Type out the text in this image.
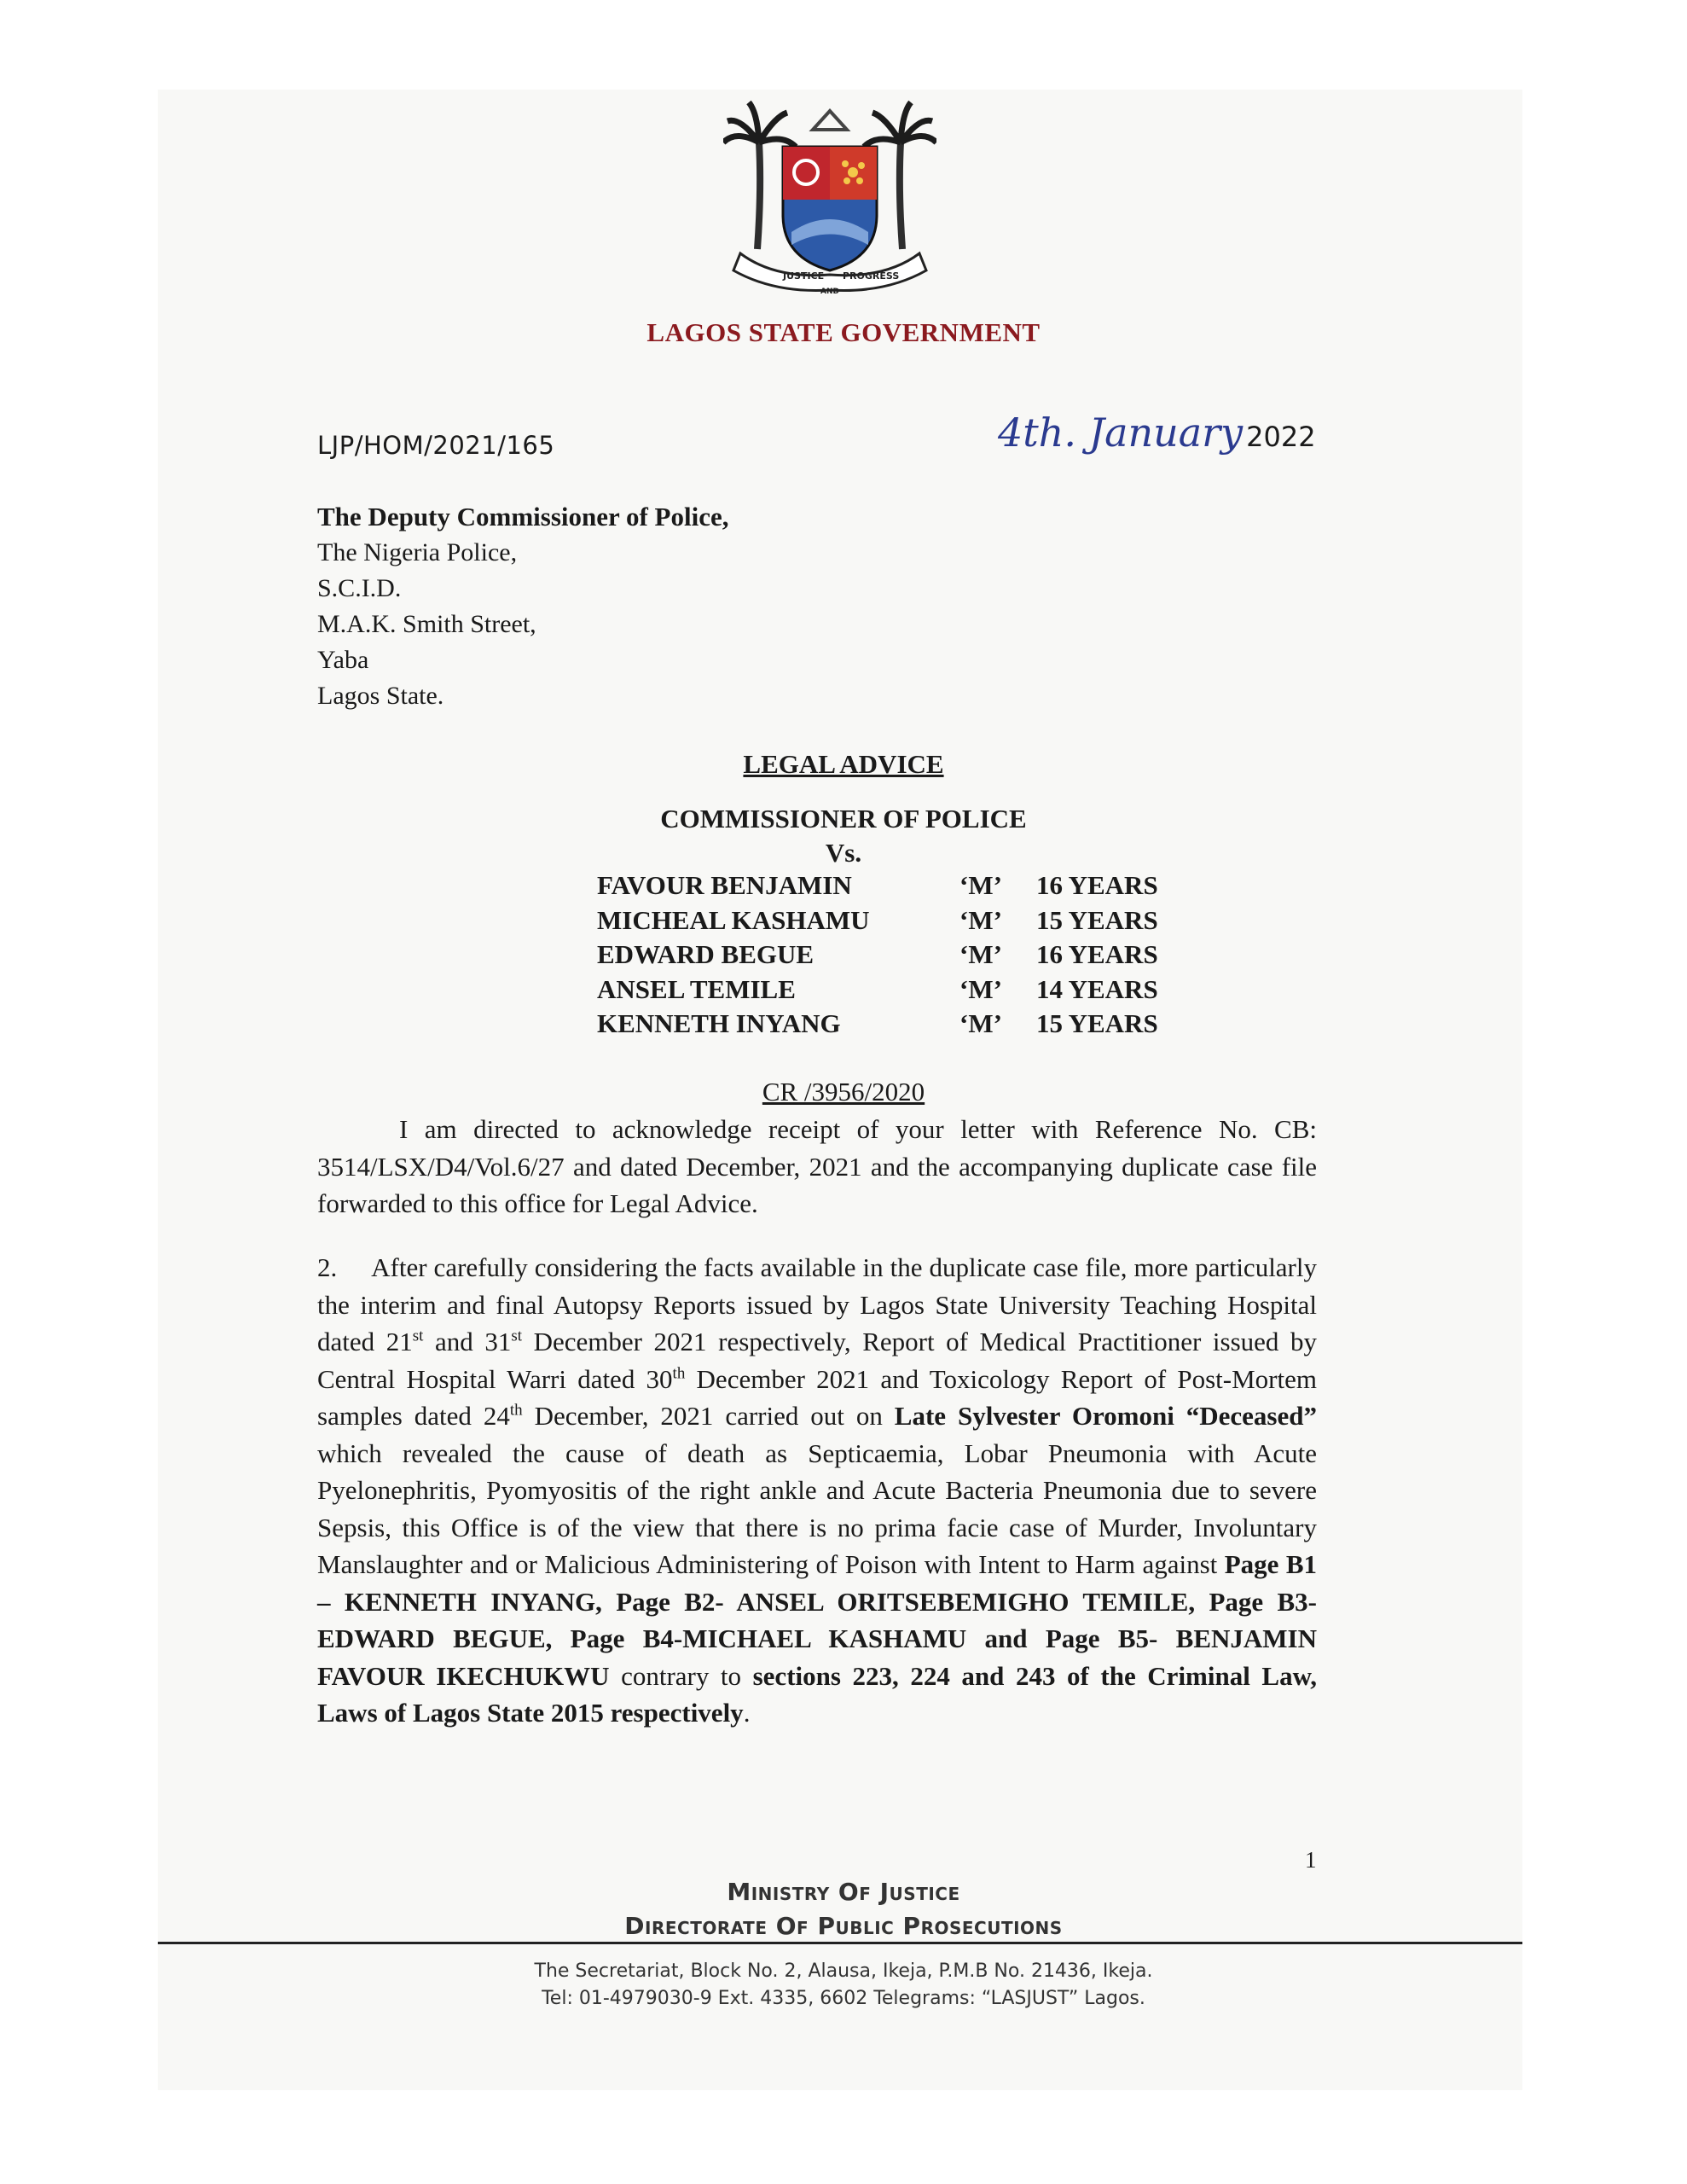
JUSTICE
AND
PROGRESS
LAGOS STATE GOVERNMENT
LJP/HOM/2021/165	4th. January 2022
The Deputy Commissioner of Police,
The Nigeria Police,
S.C.I.D.
M.A.K. Smith Street,
Yaba
Lagos State.
LEGAL ADVICE
COMMISSIONER OF POLICE
Vs.
FAVOUR BENJAMIN	‘M’	16 YEARS
MICHEAL KASHAMU	‘M’	15 YEARS
EDWARD BEGUE	‘M’	16 YEARS
ANSEL TEMILE	‘M’	14 YEARS
KENNETH INYANG	‘M’	15 YEARS
CR /3956/2020
I am directed to acknowledge receipt of your letter with Reference No. CB: 3514/LSX/D4/Vol.6/27 and dated December, 2021 and the accompanying duplicate case file forwarded to this office for Legal Advice.
2. After carefully considering the facts available in the duplicate case file, more particularly the interim and final Autopsy Reports issued by Lagos State University Teaching Hospital dated 21st and 31st December 2021 respectively, Report of Medical Practitioner issued by Central Hospital Warri dated 30th December 2021 and Toxicology Report of Post-Mortem samples dated 24th December, 2021 carried out on Late Sylvester Oromoni “Deceased” which revealed the cause of death as Septicaemia, Lobar Pneumonia with Acute Pyelonephritis, Pyomyositis of the right ankle and Acute Bacteria Pneumonia due to severe Sepsis, this Office is of the view that there is no prima facie case of Murder, Involuntary Manslaughter and or Malicious Administering of Poison with Intent to Harm against Page B1 – KENNETH INYANG, Page B2- ANSEL ORITSEBEMIGHO TEMILE, Page B3- EDWARD BEGUE, Page B4-MICHAEL KASHAMU and Page B5- BENJAMIN FAVOUR IKECHUKWU contrary to sections 223, 224 and 243 of the Criminal Law, Laws of Lagos State 2015 respectively.
1
Ministry Of Justice
Directorate Of Public Prosecutions
The Secretariat, Block No. 2, Alausa, Ikeja, P.M.B No. 21436, Ikeja.
Tel: 01-4979030-9 Ext. 4335, 6602 Telegrams: “LASJUST” Lagos.
